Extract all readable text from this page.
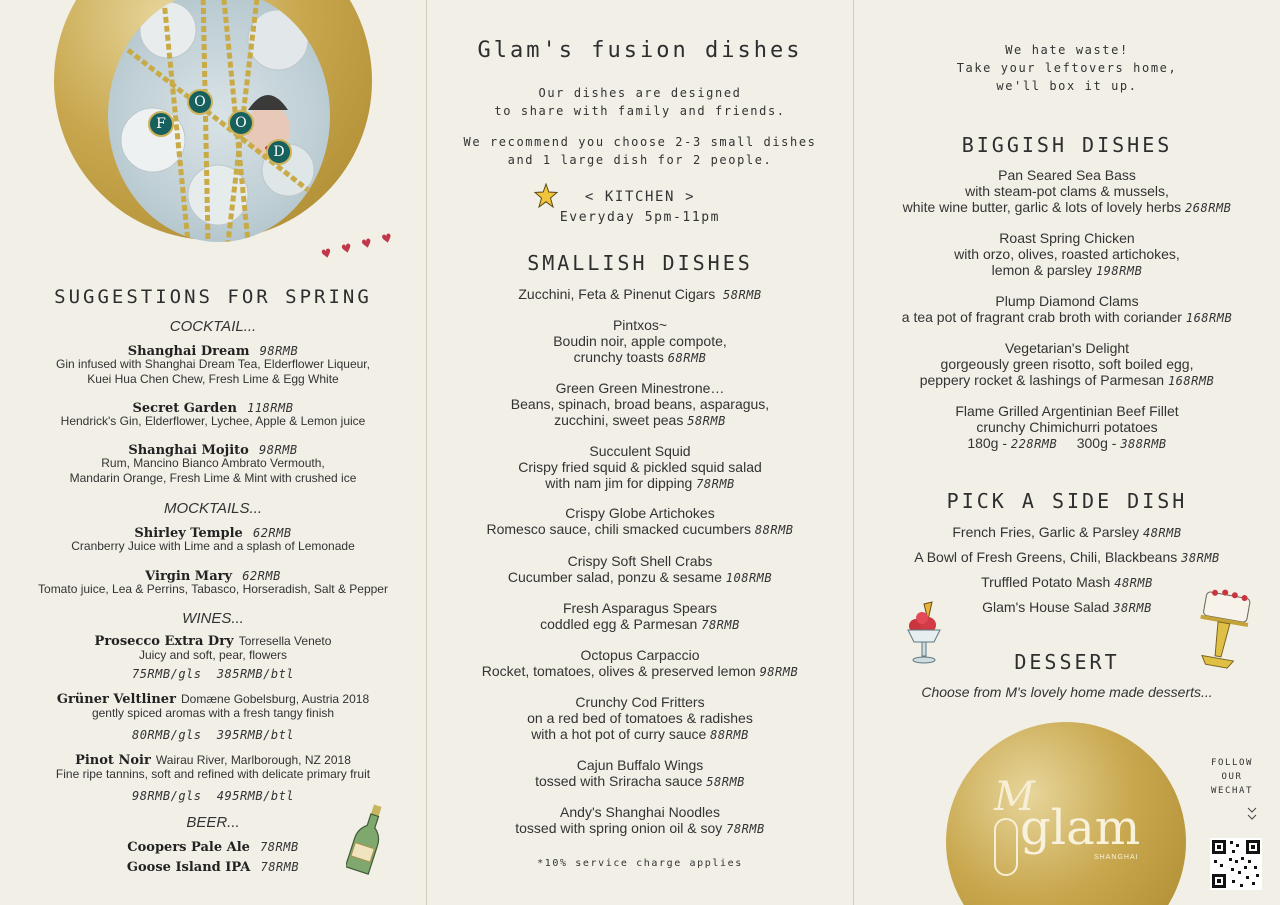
F
O
O
D
♥♥♥♥
SUGGESTIONS FOR SPRING
COCKTAIL...
Shanghai Dream 98RMB
Gin infused with Shanghai Dream Tea, Elderflower Liqueur,
Kuei Hua Chen Chew, Fresh Lime & Egg White
Secret Garden 118RMB
Hendrick's Gin, Elderflower, Lychee, Apple & Lemon juice
Shanghai Mojito 98RMB
Rum, Mancino Bianco Ambrato Vermouth,
Mandarin Orange, Fresh Lime & Mint with crushed ice
MOCKTAILS...
Shirley Temple 62RMB
Cranberry Juice with Lime and a splash of Lemonade
Virgin Mary 62RMB
Tomato juice, Lea & Perrins, Tabasco, Horseradish, Salt & Pepper
WINES...
Prosecco Extra Dry Torresella Veneto
Juicy and soft, pear, flowers
75RMB/gls 385RMB/btl
Grüner Veltliner Domæne Gobelsburg, Austria 2018
gently spiced aromas with a fresh tangy finish
80RMB/gls 395RMB/btl
Pinot Noir Wairau River, Marlborough, NZ 2018
Fine ripe tannins, soft and refined with delicate primary fruit
98RMB/gls 495RMB/btl
BEER...
Coopers Pale Ale 78RMB
Goose Island IPA 78RMB
Glam's fusion dishes
Our dishes are designed
to share with family and friends.
We recommend you choose 2-3 small dishes
and 1 large dish for 2 people.
< KITCHEN >
Everyday 5pm-11pm
SMALLISH DISHES
Zucchini, Feta & Pinenut Cigars 58RMB
Pintxos~
Boudin noir, apple compote,
crunchy toasts 68RMB
Green Green Minestrone…
Beans, spinach, broad beans, asparagus,
zucchini, sweet peas 58RMB
Succulent Squid
Crispy fried squid & pickled squid salad
with nam jim for dipping 78RMB
Crispy Globe Artichokes
Romesco sauce, chili smacked cucumbers 88RMB
Crispy Soft Shell Crabs
Cucumber salad, ponzu & sesame 108RMB
Fresh Asparagus Spears
coddled egg & Parmesan 78RMB
Octopus Carpaccio
Rocket, tomatoes, olives & preserved lemon 98RMB
Crunchy Cod Fritters
on a red bed of tomatoes & radishes
with a hot pot of curry sauce 88RMB
Cajun Buffalo Wings
tossed with Sriracha sauce 58RMB
Andy's Shanghai Noodles
tossed with spring onion oil & soy 78RMB
*10% service charge applies
We hate waste!
Take your leftovers home,
we'll box it up.
BIGGISH DISHES
Pan Seared Sea Bass
with steam-pot clams & mussels,
white wine butter, garlic & lots of lovely herbs 268RMB
Roast Spring Chicken
with orzo, olives, roasted artichokes,
lemon & parsley 198RMB
Plump Diamond Clams
a tea pot of fragrant crab broth with coriander 168RMB
Vegetarian's Delight
gorgeously green risotto, soft boiled egg,
peppery rocket & lashings of Parmesan 168RMB
Flame Grilled Argentinian Beef Fillet
crunchy Chimichurri potatoes
180g - 228RMB 300g - 388RMB
PICK A SIDE DISH
French Fries, Garlic & Parsley 48RMB
A Bowl of Fresh Greens, Chili, Blackbeans 38RMB
Truffled Potato Mash 48RMB
Glam's House Salad 38RMB
DESSERT
Choose from M's lovely home made desserts...
M
glam
SHANGHAI
FOLLOW
OUR
WECHAT
